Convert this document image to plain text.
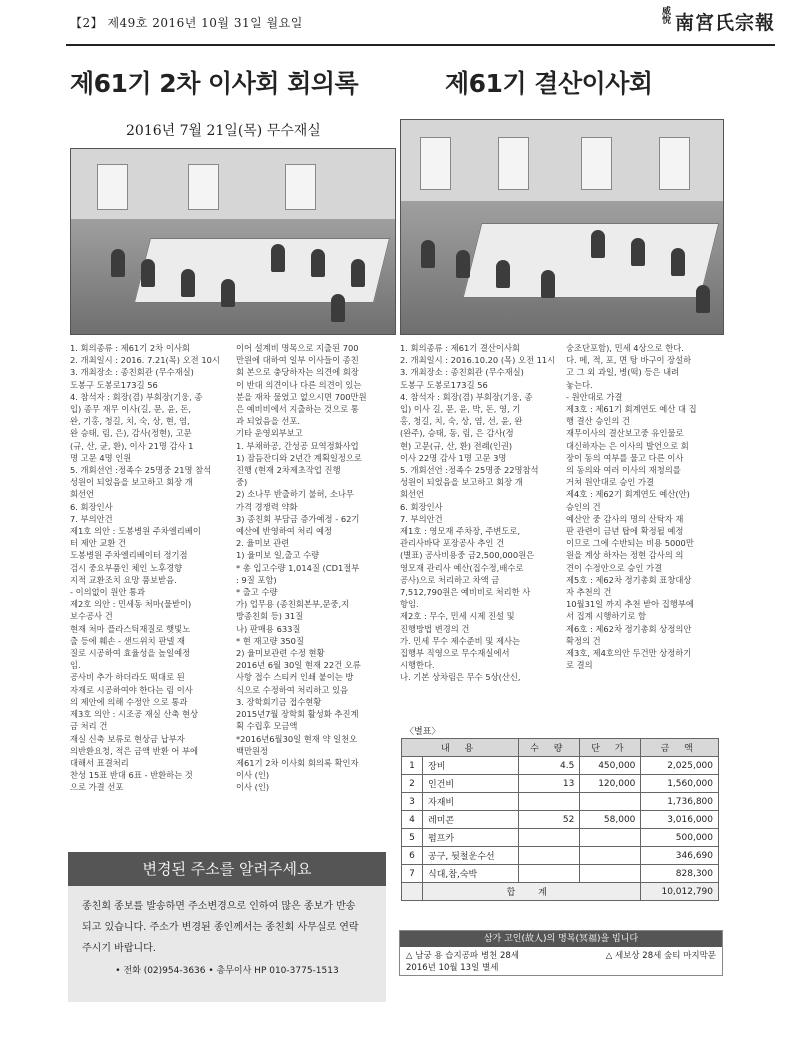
【2】 제49호 2016년 10월 31일 월요일
威悅 南宮氏宗報
제61기 2차 이사회 회의록
2016년 7월 21일(목) 무수재실
제61기 결산이사회

1. 회의종류 : 제61기 2차 이사회

2. 개최일시 : 2016. 7.21(목) 오전 10시

3. 개최장소 : 종친회관 (무수재실)

도봉구 도봉로173길 56

4. 참석자 : 회장(겸) 부회장(기웅, 종

입) 종무 재무 이사(길, 문, 윤, 돈,

완, 기홍, 청길, 치, 숙, 상, 현, 염,

완 승태, 림, 은), 감사(정현), 고문

(규, 산, 균, 환), 이사 21명 감사 1

명 고문 4명 인원

5. 개회선언 :정족수 25명중 21명 참석

성원이 되었음을 보고하고 회장 개

회선언

6. 회장인사

7. 부의안건

제1호 의안 : 도봉병원 주차엘리베이

터 제안 교환 건

도봉병원 주차엘리베이터 정기점

검시 중요부품인 체인 노후경향

지적 교환조치 요망 품보받음.

- 이의없이 원안 통과

제2호 의안 : 민세동 처마(물받이)

보수공사 건

현재 처마 플라스틱재질로 햇빛노

출 등에 훼손 - 샌드위치 판넬 재

질로 시공하여 효율성을 높일예정

임.

공사비 추가 하더라도 떡대로 된

자재로 시공하여야 한다는 림 이사

의 제안에 의해 수정안 으로 통과

제3호 의안 : 시조공 재실 산축 현상

금 처리 건

재실 신축 보류로 현상금 납부자

의반환요청, 적은 금액 반환 어 부에

대해서 표결처리

찬성 15표 반대 6표 - 반환하는 것

으로 가결 선포

이어 설계비 명목으로 지출된 700

만원에 대하여 일부 이사들이 종친

회 본으로 충당하자는 의견에 회장

이 반대 의견이나 다른 의견이 있는

분을 재차 물었고 없으시면 700만원

은 예비비에서 지출하는 것으로 통

과 되었음을 선포.

기타 운영외부보고

1. 부채하공, 간성공 묘역정화사업

1) 잠듬잔디와 2년간 계획일정으로

진행 (현재 2차제초작업 진행

중)

2) 소나무 반출하기 불허, 소나무

가격 경쟁력 약화

3) 종친회 부담금 증가예정 - 62기

예산에 반영하여 처리 예정

2. 율미보 관련

1) 율미보 일,출고 수량

* 총 입고수량 1,014질 (CD1절부

: 9질 포함)

* 출고 수량

가) 업무용 (종친회본부,문중,지

방종친회 등) 31질

나) 판매용 633질

* 현 재고량 350질

2) 율미보관련 수정 현황

2016년 6월 30일 현재 22건 오류

사항 접수 스티커 인쇄 붙이는 방

식으로 수정하여 처리하고 있음

3. 장학회기금 접수현황

2015년7월 장학회 활성화 추진계

획 수립후 모금액

*2016년6월30일 현재 약 일천오

백만원정

제61기 2차 이사회 회의록 확인자

이사 (인)

이사 (인)

1. 회의종류 : 제61기 결산이사회

2. 개최일시 : 2016.10.20 (목) 오전 11시

3. 개최장소 : 종친회관 (무수재실)

도봉구 도봉로173길 56

4. 참석자 : 회장(겸) 부회장(기웅, 종

입) 이사 길, 문, 윤, 박, 돈, 영, 기

홍, 청길, 치, 숙, 상, 염, 선, 윤, 완

(완주), 승태, 동, 림, 은 감사(정

현) 고문(규, 산, 환) 전례(인권)

이사 22명 감사 1명 고문 3명

5. 개회선언 :정족수 25명중 22명참석

성원이 되었음을 보고하고 회장 개

회선언

6. 회장인사

7. 부의안건

제1호 : 영모재 주차장, 주변도로,

관리사바닥 포장공사 추인 건

(별표) 공사비용중 금2,500,000원은

영모재 관리사 예산(집수정,배수로

공사)으로 처리하고 차액 금

7,512,790원은 예비비로 처리한 사

항임.

제2호 : 무수, 민세 시제 진설 및

진행방법 변경의 건

가. 민세 무수 제수준비 및 제사는

집행부 직영으로 무수재실에서

시행한다.

나. 기본 상차림은 무수 5상(산신,

숭조단포함), 민세 4상으로 한다.

다. 메, 적, 포, 면 탕 바구이 장설하

고 그 외 과일, 병(떡) 등은 내려

놓는다.

- 원안대로 가결

제3호 : 제61기 회계연도 예산 대 집

행 결산 승인의 건

재무이사의 결산보고중 유인물로

대신하자는 은 이사의 발언으로 회

장이 동의 여부를 물고 다른 이사

의 동의와 여러 이사의 재청의를

거쳐 원안대로 승인 가결

제4호 : 제62기 회계연도 예산(안)

승인의 건

예산안 중 감사의 명의 산탁자 재

판 관련이 금년 탑에 확정될 예정

이므로 그에 수반되는 비용 5000만

원을 계상 하자는 정현 감사의 의

견이 수정안으로 승인 가결

제5호 : 제62차 정기총회 표창대상

자 추천의 건

10월31일 까지 추천 받아 집행부에

서 집계 시행하기로 함

제6호 : 제62차 정기총회 상정의안

확정의 건

제3호, 제4호의안 두건만 상정하기

로 결의

변경된 주소를 알려주세요
종친회 종보를 발송하면 주소변경으로 인하여 많은 종보가 반송
되고 있습니다. 주소가 변경된 종인께서는 종친회 사무실로 연락
주시기 바랍니다.
• 전화 (02)954-3636 • 총무이사 HP 010-3775-1513
〈별표〉
내 용		수 량	단 가	금 액
1	장비	4.5	450,000	2,025,000
2	인건비	13	120,000	1,560,000
3	자재비			1,736,800
4	레미콘	52	58,000	3,016,000
5	펌프카			500,000
6	공구, 뒷철운수선			346,690
7	식대,참,숙박			828,300
	합 계			10,012,790
삼가 고인(故人)의 명복(冥福)을 빕니다
△ 남궁 용 습지공파 병천 28세	△ 세보상 28세 숲티 마지막문
2016년 10월 13일 별세
